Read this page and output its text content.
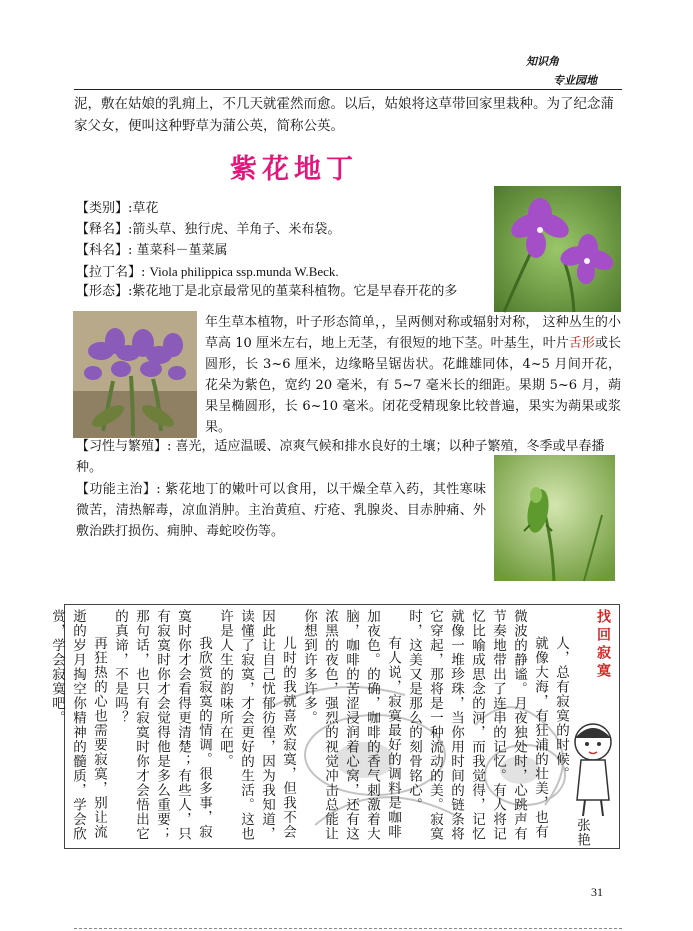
知识角
专业园地

泥，敷在姑娘的乳痈上，不几天就霍然而愈。以后，姑娘将这草带回家里栽种。为了纪念蒲家父女，便叫这种野草为蒲公英，简称公英。

紫花地丁
【类别】:草花
【释名】:箭头草、独行虎、羊角子、米布袋。
【科名】: 堇菜科－堇菜属
【拉丁名】: Viola philippica ssp.munda W.Beck.
【形态】:紫花地丁是北京最常见的堇菜科植物。它是早春开花的多
年生草本植物，叶子形态简单，，呈两侧对称或辐射对称， 这种丛生的小草高 10 厘米左右，地上无茎，有很短的地下茎。叶基生，叶片舌形或长圆形，长 3~6 厘米，边缘略呈锯齿状。花雌雄同体，4~5 月间开花，花朵为紫色，宽约 20 毫米，有 5~7 毫米长的细距。果期 5~6 月，蒴果呈椭圆形，长 6~10 毫米。闭花受精现象比较普遍，果实为蒴果或浆果。
【习性与繁殖】: 喜光，适应温暖、凉爽气候和排水良好的土壤；以种子繁殖，冬季或早春播种。
【功能主治】: 紫花地丁的嫩叶可以食用，以干燥全草入药，其性寒味微苦，清热解毒，凉血消肿。主治黄疸、疔疮、乳腺炎、目赤肿痛、外敷治跌打损伤、痈肿、毒蛇咬伤等。
找回寂寞
张艳
人，总有寂寞的时候。
就像大海，有狂浦的壮美，也有微波的静谧。月夜独处时，心跳声有节奏地带出了连串的记忆。有人将记忆比喻成思念的河，而我觉得，记忆就像一堆珍珠，当你用时间的链条将它穿起，那将是一种流动的美。寂寞时，这美又是那么的刻骨铭心。
有人说，寂寞最好的调料是咖啡加夜色。的确，咖啡的香气刺激着大脑，咖啡的苦涩浸润着心窝，还有这浓黑的夜色，强烈的视觉冲击总能让你想到许多许多。
儿时的我就喜欢寂寞，但我不会因此让自己忧郁彷徨，因为我知道，读懂了寂寞，才会更好的生活。这也许是人生的韵味所在吧。
我欣赏寂寞的情调。很多事，寂寞时你才会看得更清楚；有些人，只有寂寞时你才会觉得他是多么重要；那句话，也只有寂寞时你才会悟出它的真谛，不是吗？
再狂热的心也需要寂寞，别让流逝的岁月掏空你精神的髓质，学会欣赏，学会寂寞吧。
31
